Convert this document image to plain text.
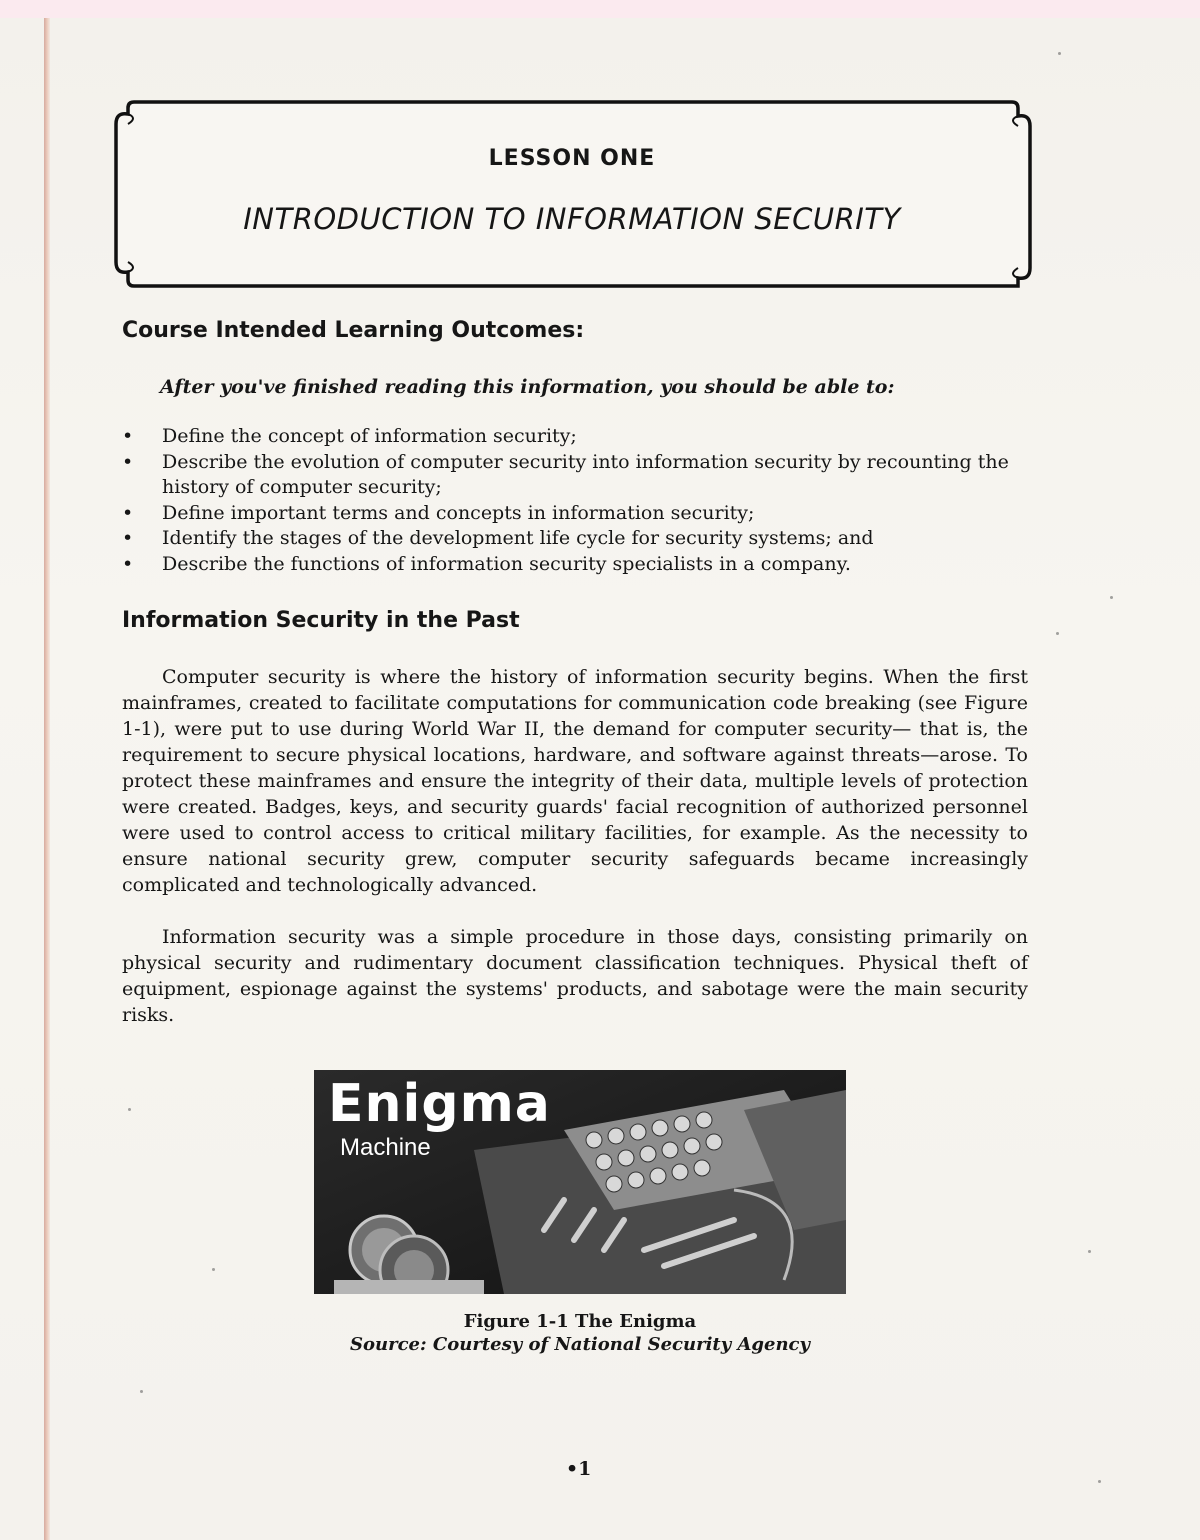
LESSON ONE
INTRODUCTION TO INFORMATION SECURITY
Course Intended Learning Outcomes:
After you've finished reading this information, you should be able to:
• Define the concept of information security;
• Describe the evolution of computer security into information security by recounting the history of computer security;
• Define important terms and concepts in information security;
• Identify the stages of the development life cycle for security systems; and
• Describe the functions of information security specialists in a company.
Information Security in the Past

Computer security is where the history of information security begins. When the first mainframes, created to facilitate computations for communication code breaking (see Figure 1-1), were put to use during World War II, the demand for computer security— that is, the requirement to secure physical locations, hardware, and software against threats—arose. To protect these mainframes and ensure the integrity of their data, multiple levels of protection were created. Badges, keys, and security guards' facial recognition of authorized personnel were used to control access to critical military facilities, for example. As the necessity to ensure national security grew, computer security safeguards became increasingly complicated and technologically advanced.

Information security was a simple procedure in those days, consisting primarily on physical security and rudimentary document classification techniques. Physical theft of equipment, espionage against the systems' products, and sabotage were the main security risks.

Enigma
Machine
Figure 1-1 The Enigma
Source: Courtesy of National Security Agency
•1
